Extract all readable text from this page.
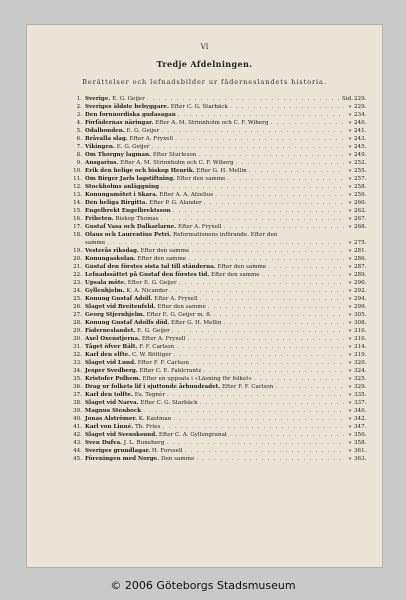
VI
Tredje Afdelningen.
Berättelser och lefnadsbilder ur fäderneslandets historia.
1. Sverige. E. G. Geijer . . .	Sid. 229.
2. Sveriges äldste bebyggare. Efter C. G. Starbäck . . .	» 229.
3. Den fornnordiska gudasagan . . .	» 234.
4. Förfädernas näringar. Efter A. M. Strinnholm och C. F. Wiberg . . .	» 240.
5. Odalbonden. E. G. Geijer . . .	» 241.
6. Bråvalla slag. Efter A. Fryxell . . .	» 243.
7. Vikingen. E. G. Geijer . . .	» 245.
8. Om Thorgny lagman. Efter Sturleson . . .	» 249.
9. Ansgarius. Efter A. M. Strinnholm och C. F. Wiberg . . .	» 252.
10. Erik den helige och biskop Henrik. Efter G. H. Mellin . . .	» 255.
11. Om Birger Jarls lagstiftning. Efter den samme . . .	» 257.
12. Stockholms anläggning . . .	» 258.
13. Konungamötet i Skara. Efter A. A. Afzelius . . .	» 259.
14. Den heliga Birgitta. Efter P. G. Alander . . .	» 260.
15. Engelbrekt Engelbrektsson . . .	» 262.
16. Friheten. Biskop Thomas . . .	» 267.
17. Gustaf Vasa och Dalkarlarne. Efter A. Fryxell . . .	» 268.
18. Olaus och Laurentius Petri. Reformationens införande. Efter den
samme . . .	» 275.
19. Vesterås riksdag. Efter den samme . . .	» 281.
20. Konungaskolan. Efter den samme . . .	» 286.
21. Gustaf den förstes sista tal till ständerna. Efter den samme . . .	» 287.
22. Lefnadssättet på Gustaf den förstes tid. Efter den samme . . .	» 289.
23. Upsala möte. Efter E. G. Geijer . . .	» 290.
24. Gyllenhjelm. K. A. Nicander . . .	» 292.
25. Konung Gustaf Adolf. Efter A. Fryxell . . .	» 294.
26. Slaget vid Breitenfeld. Efter den samme . . .	» 299.
27. Georg Stjernhjelm. Efter E. G. Geijer m. fl. . . .	» 305.
28. Konung Gustaf Adolfs död. Efter G. H. Mellin . . .	» 308.
29. Fäderneslandet. E. G. Geijer . . .	» 310.
30. Axel Oxenstjerna. Efter A. Fryxell . . .	» 310.
31. Tåget öfver Bält. F. F. Carlson . . .	» 314.
32. Karl den elfte. C. W. Böttiger . . .	» 319.
33. Slaget vid Lund. Efter F. F. Carlson . . .	» 320.
34. Jesper Svedberg. Efter C. E. Fahlcrantz . . .	» 324.
35. Kristofer Polhem. Efter en uppsats i «Läsning för folket» . . .	» 325.
36. Drag ur folkets lif i sjuttonde århundradet. Efter F. F. Carlson . . .	» 329.
37. Karl den tolfte. Es. Tegnér . . .	» 335.
38. Slaget vid Narva. Efter C. G. Starbäck . . .	» 337.
39. Magnus Stenbock . . .	» 340.
40. Jonas Alströmer. K. Kastman . . .	» 342.
41. Karl von Linné. Th. Fries . . .	» 347.
42. Slaget vid Svensksund. Efter C. A. Gyllengranat . . .	» 350.
43. Sven Dufva. J. L. Runeberg . . .	» 358.
44. Sveriges grundlagar. H. Forssell . . .	» 361.
45. Föreningen med Norge. Den samme . . .	» 363.
© 2006 Göteborgs Stadsmuseum
